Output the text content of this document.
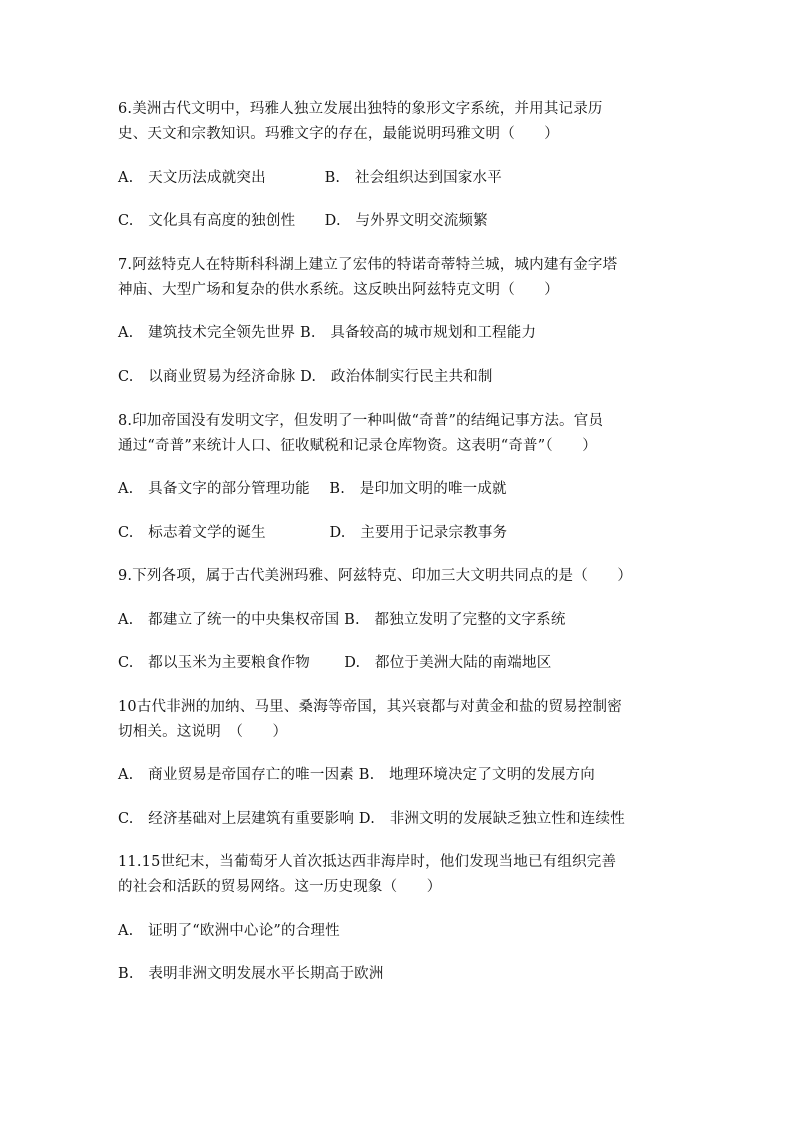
6.美洲古代文明中，玛雅人独立发展出独特的象形文字系统，并用其记录历
史、天文和宗教知识。玛雅文字的存在，最能说明玛雅文明（　　）
A.　天文历法成就突出　　　　B.　社会组织达到国家水平
C.　文化具有高度的独创性　　D.　与外界文明交流频繁
7.阿兹特克人在特斯科科湖上建立了宏伟的特诺奇蒂特兰城，城内建有金字塔
神庙、大型广场和复杂的供水系统。这反映出阿兹特克文明（　　）
A.　建筑技术完全领先世界 B.　具备较高的城市规划和工程能力
C.　以商业贸易为经济命脉 D.　政治体制实行民主共和制
8.印加帝国没有发明文字，但发明了一种叫做“奇普”的结绳记事方法。官员
通过“奇普”来统计人口、征收赋税和记录仓库物资。这表明“奇普”（　　）
A.　具备文字的部分管理功能　 B.　是印加文明的唯一成就
C.　标志着文学的诞生　　　　 D.　主要用于记录宗教事务
9.下列各项，属于古代美洲玛雅、阿兹特克、印加三大文明共同点的是（　　）
A.　都建立了统一的中央集权帝国 B.　都独立发明了完整的文字系统
C.　都以玉米为主要粮食作物　　 D.　都位于美洲大陆的南端地区
10古代非洲的加纳、马里、桑海等帝国，其兴衰都与对黄金和盐的贸易控制密
切相关。这说明　（　　）
A.　商业贸易是帝国存亡的唯一因素 B.　地理环境决定了文明的发展方向
C.　经济基础对上层建筑有重要影响 D.　非洲文明的发展缺乏独立性和连续性
11.15世纪末，当葡萄牙人首次抵达西非海岸时，他们发现当地已有组织完善
的社会和活跃的贸易网络。这一历史现象（　　）
A.　证明了“欧洲中心论”的合理性
B.　表明非洲文明发展水平长期高于欧洲
